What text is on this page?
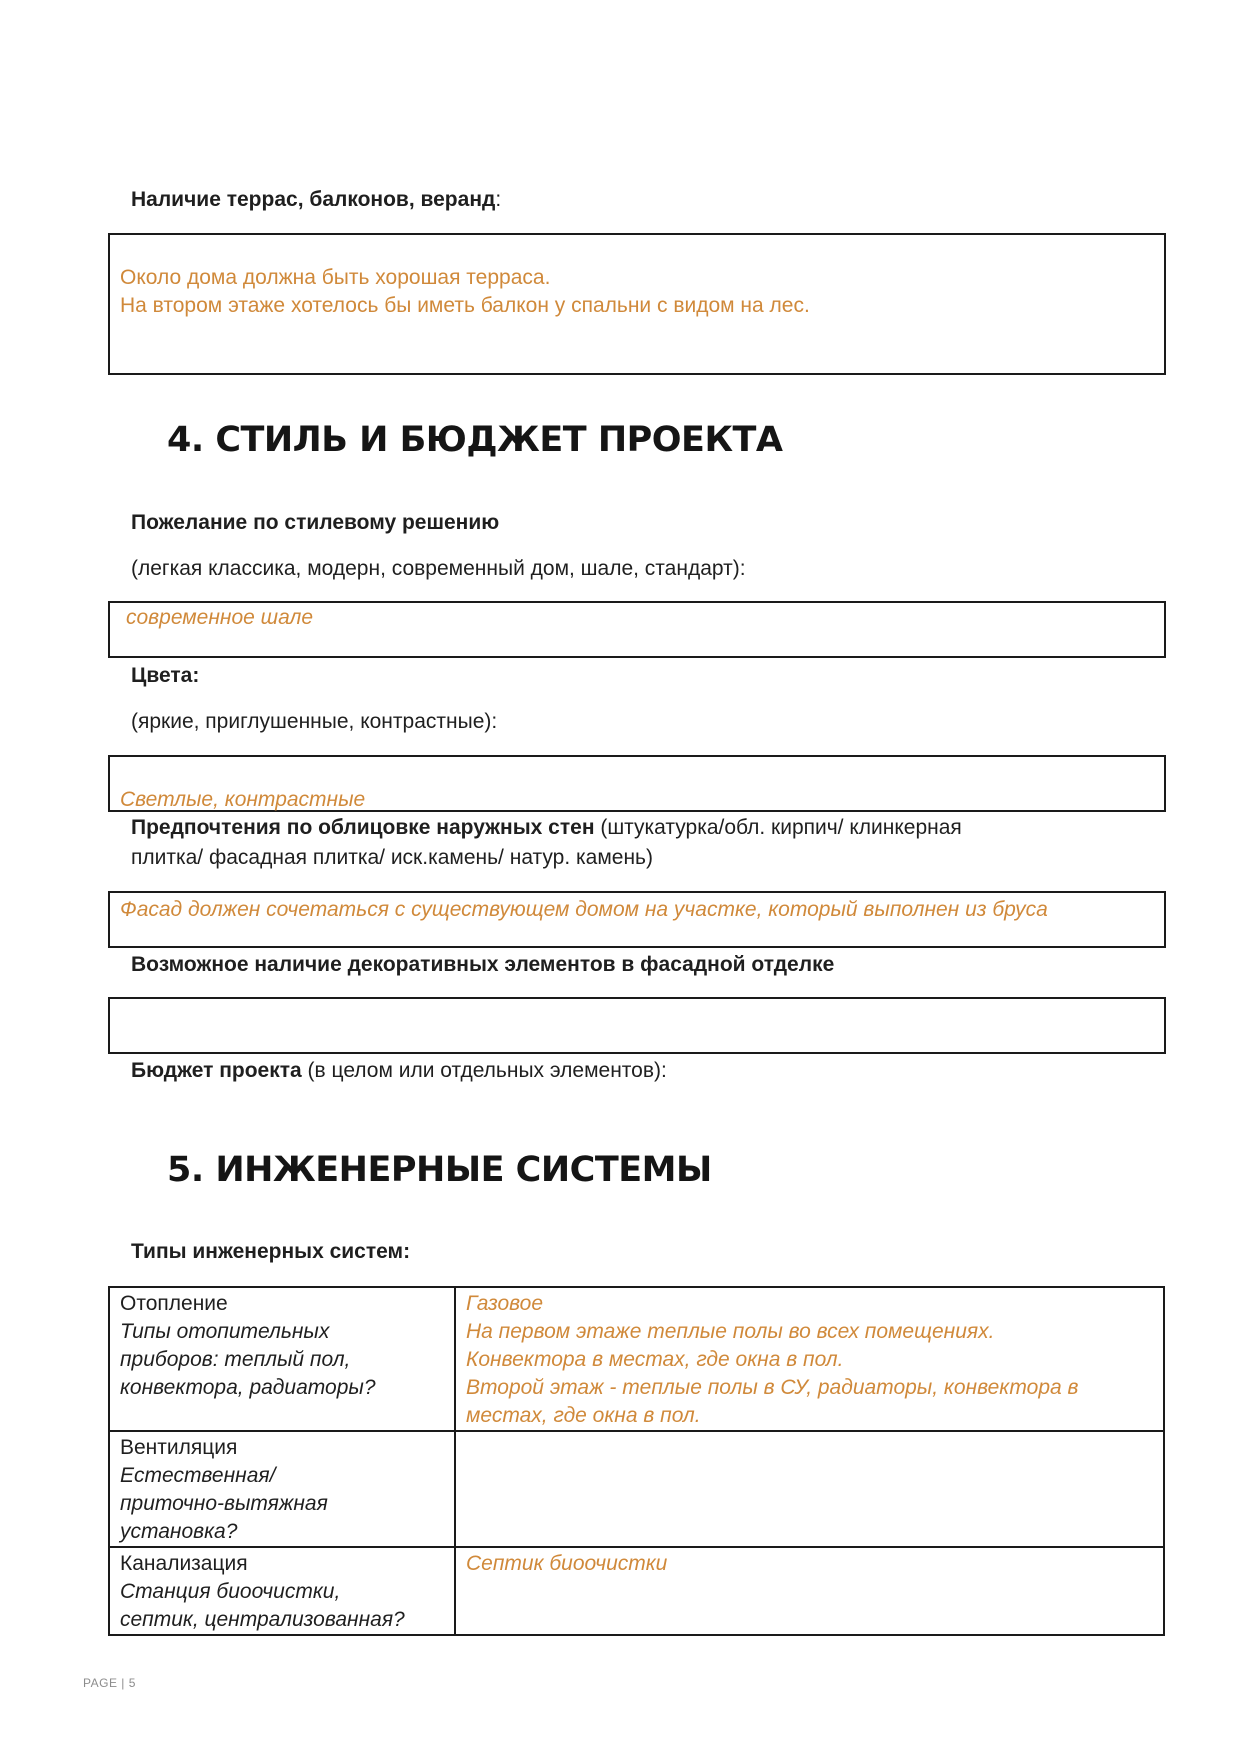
Наличие террас, балконов, веранд:
Около дома должна быть хорошая терраса.
На втором этаже хотелось бы иметь балкон у спальни с видом на лес.
4. СТИЛЬ И БЮДЖЕТ ПРОЕКТА
Пожелание по стилевому решению
(легкая классика, модерн, современный дом, шале, стандарт):
современное шале
Цвета:
(яркие, приглушенные, контрастные):
Светлые, контрастные
Предпочтения по облицовке наружных стен (штукатурка/обл. кирпич/ клинкерная
плитка/ фасадная плитка/ иск.камень/ натур. камень)
Фасад должен сочетаться с существующем домом на участке, который выполнен из бруса
Возможное наличие декоративных элементов в фасадной отделке
Бюджет проекта (в целом или отдельных элементов):
5. ИНЖЕНЕРНЫЕ СИСТЕМЫ
Типы инженерных систем:
Отопление
Типы отопительных
приборов: теплый пол,
конвектора, радиаторы?	Газовое
На первом этаже теплые полы во всех помещениях.
Конвектора в местах, где окна в пол.
Второй этаж - теплые полы в СУ, радиаторы, конвектора в
местах, где окна в пол.

Вентиляция
Естественная/
приточно-вытяжная
установка?	

Канализация
Станция биоочистки,
септик, централизованная?	Септик биоочистки
PAGE | 5
